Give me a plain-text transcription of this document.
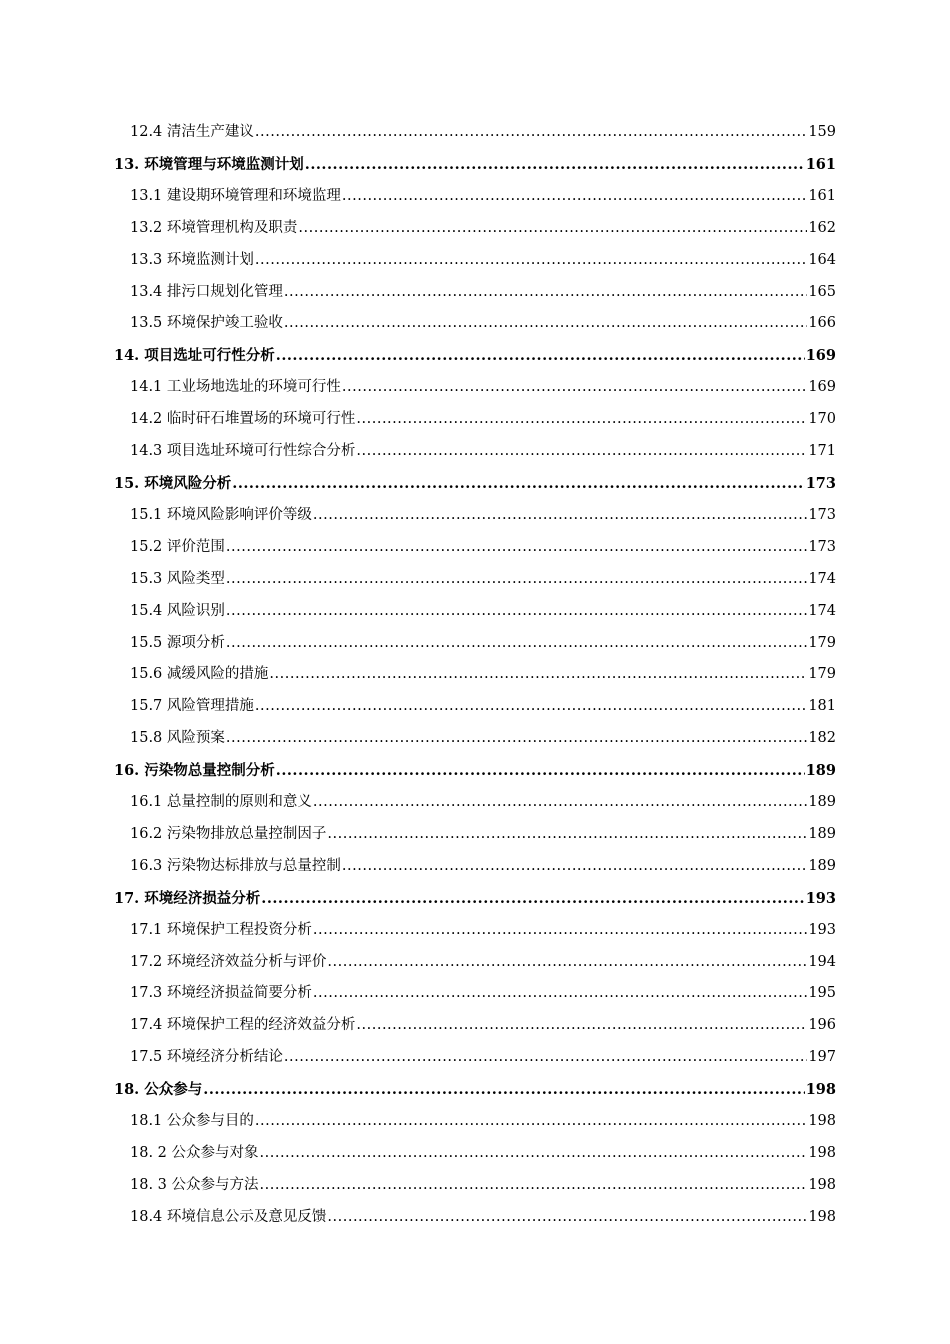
12.4 清洁生产建议 .....	159
13. 环境管理与环境监测计划 .....	161
13.1 建设期环境管理和环境监理 .....	161
13.2 环境管理机构及职责 .....	162
13.3 环境监测计划 .....	164
13.4 排污口规划化管理 .....	165
13.5 环境保护竣工验收 .....	166
14. 项目选址可行性分析 .....	169
14.1 工业场地选址的环境可行性 .....	169
14.2 临时矸石堆置场的环境可行性 .....	170
14.3 项目选址环境可行性综合分析 .....	171
15. 环境风险分析 .....	173
15.1 环境风险影响评价等级 .....	173
15.2 评价范围 .....	173
15.3 风险类型 .....	174
15.4 风险识别 .....	174
15.5 源项分析 .....	179
15.6 减缓风险的措施 .....	179
15.7 风险管理措施 .....	181
15.8 风险预案 .....	182
16. 污染物总量控制分析 .....	189
16.1 总量控制的原则和意义 .....	189
16.2 污染物排放总量控制因子 .....	189
16.3 污染物达标排放与总量控制 .....	189
17. 环境经济损益分析 .....	193
17.1 环境保护工程投资分析 .....	193
17.2 环境经济效益分析与评价 .....	194
17.3 环境经济损益简要分析 .....	195
17.4 环境保护工程的经济效益分析 .....	196
17.5 环境经济分析结论 .....	197
18. 公众参与 .....	198
18.1 公众参与目的 .....	198
18. 2 公众参与对象 .....	198
18. 3 公众参与方法 .....	198
18.4 环境信息公示及意见反馈 .....	198
